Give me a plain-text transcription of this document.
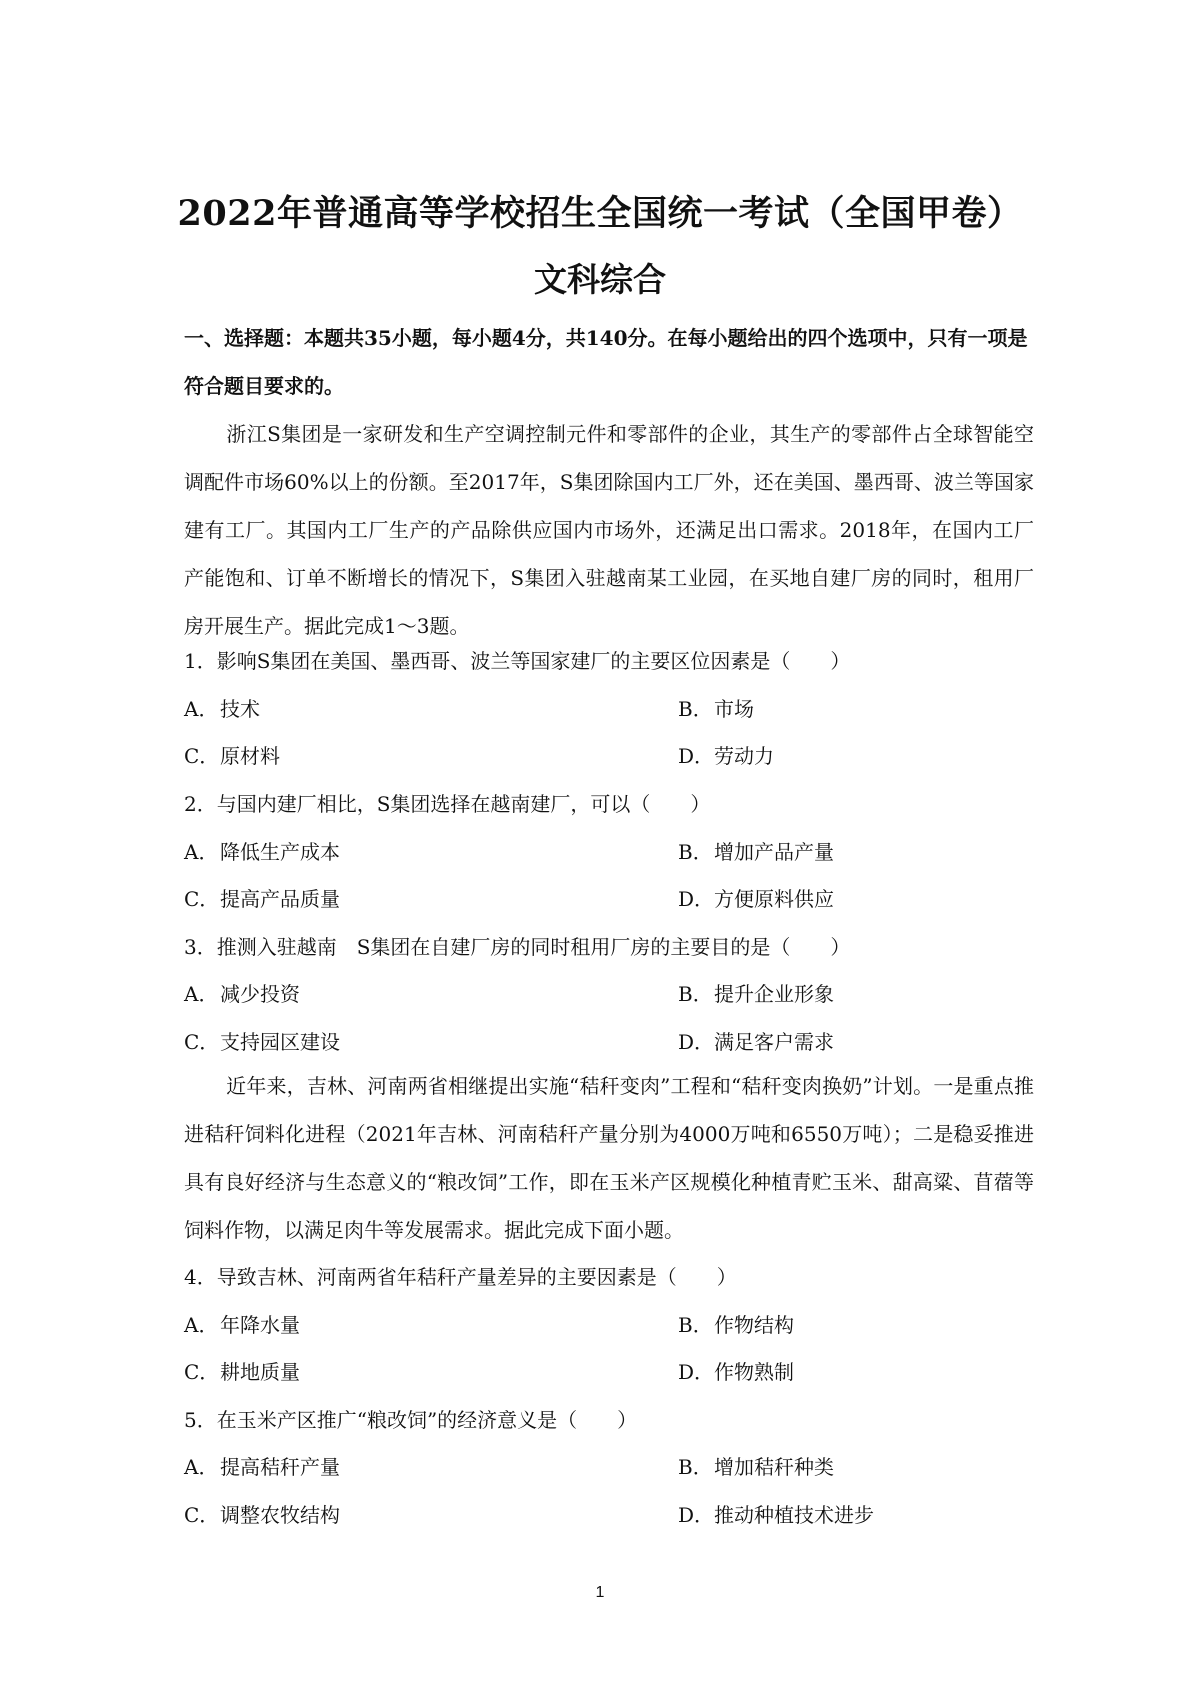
2022年普通高等学校招生全国统一考试（全国甲卷）
文科综合
一、选择题：本题共35小题，每小题4分，共140分。在每小题给出的四个选项中，只有一项是符合题目要求的。
浙江S集团是一家研发和生产空调控制元件和零部件的企业，其生产的零部件占全球智能空调配件市场60%以上的份额。至2017年，S集团除国内工厂外，还在美国、墨西哥、波兰等国家建有工厂。其国内工厂生产的产品除供应国内市场外，还满足出口需求。2018年，在国内工厂产能饱和、订单不断增长的情况下，S集团入驻越南某工业园，在买地自建厂房的同时，租用厂房开展生产。据此完成1～3题。
1．影响S集团在美国、墨西哥、波兰等国家建厂的主要区位因素是（　　）
A．技术	B．市场
C．原材料	D．劳动力
2．与国内建厂相比，S集团选择在越南建厂，可以（　　）
A．降低生产成本	B．增加产品产量
C．提高产品质量	D．方便原料供应
3．推测入驻越南　S集团在自建厂房的同时租用厂房的主要目的是（　　）
A．减少投资	B．提升企业形象
C．支持园区建设	D．满足客户需求
近年来，吉林、河南两省相继提出实施“秸秆变肉”工程和“秸秆变肉换奶”计划。一是重点推进秸秆饲料化进程（2021年吉林、河南秸秆产量分别为4000万吨和6550万吨）；二是稳妥推进具有良好经济与生态意义的“粮改饲”工作，即在玉米产区规模化种植青贮玉米、甜高粱、苜蓿等饲料作物，以满足肉牛等发展需求。据此完成下面小题。
4．导致吉林、河南两省年秸秆产量差异的主要因素是（　　）
A．年降水量	B．作物结构
C．耕地质量	D．作物熟制
5．在玉米产区推广“粮改饲”的经济意义是（　　）
A．提高秸秆产量	B．增加秸秆种类
C．调整农牧结构	D．推动种植技术进步
1
